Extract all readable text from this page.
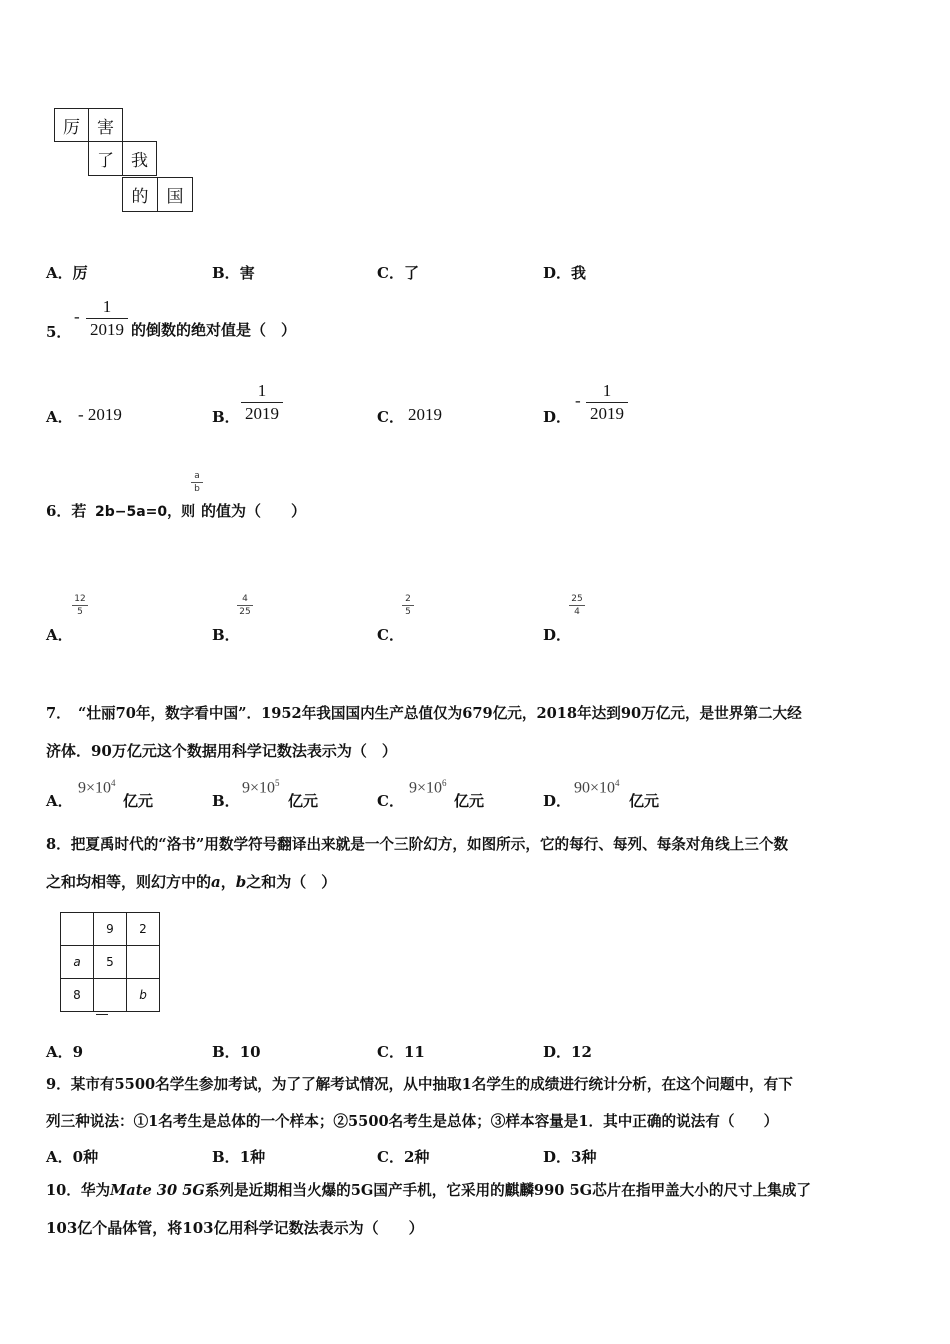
厉	害
了	我
的	国
A．厉	B．害	C．了	D．我
5．
-
1
2019 的倒数的绝对值是（　）
A． - 2019	B．
1
2019	C． 2019	D．
-
1
2019
6．若 2b−5a=0，则
a
b
的值为（　　）
A．
12
5
B．
4
25
C．
2
5
D．
25
4
7．　“壮丽70年，数字看中国”．1952年我国国内生产总值仅为679亿元，2018年达到90万亿元，是世界第二大经
济体．90万亿元这个数据用科学记数法表示为（　）
A．
$9\times 10^4$
亿元	B．
$9\times 10^5$
亿元	C．
$9\times 10^6$
亿元	D．
$90\times 10^4$
亿元
8．把夏禹时代的“洛书”用数学符号翻译出来就是一个三阶幻方，如图所示，它的每行、每列、每条对角线上三个数
之和均相等，则幻方中的a，b之和为（　）
	9	2
a	5	
8		b
A．9	B．10	C．11	D．12
9．某市有5500名学生参加考试，为了了解考试情况，从中抽取1名学生的成绩进行统计分析，在这个问题中，有下
列三种说法：①1名考生是总体的一个样本；②5500名考生是总体；③样本容量是1．其中正确的说法有（　　）
A．0种	B．1种	C．2种	D．3种
10．华为Mate 30 5G系列是近期相当火爆的5G国产手机，它采用的麒麟990 5G芯片在指甲盖大小的尺寸上集成了
103亿个晶体管，将103亿用科学记数法表示为（　　）
